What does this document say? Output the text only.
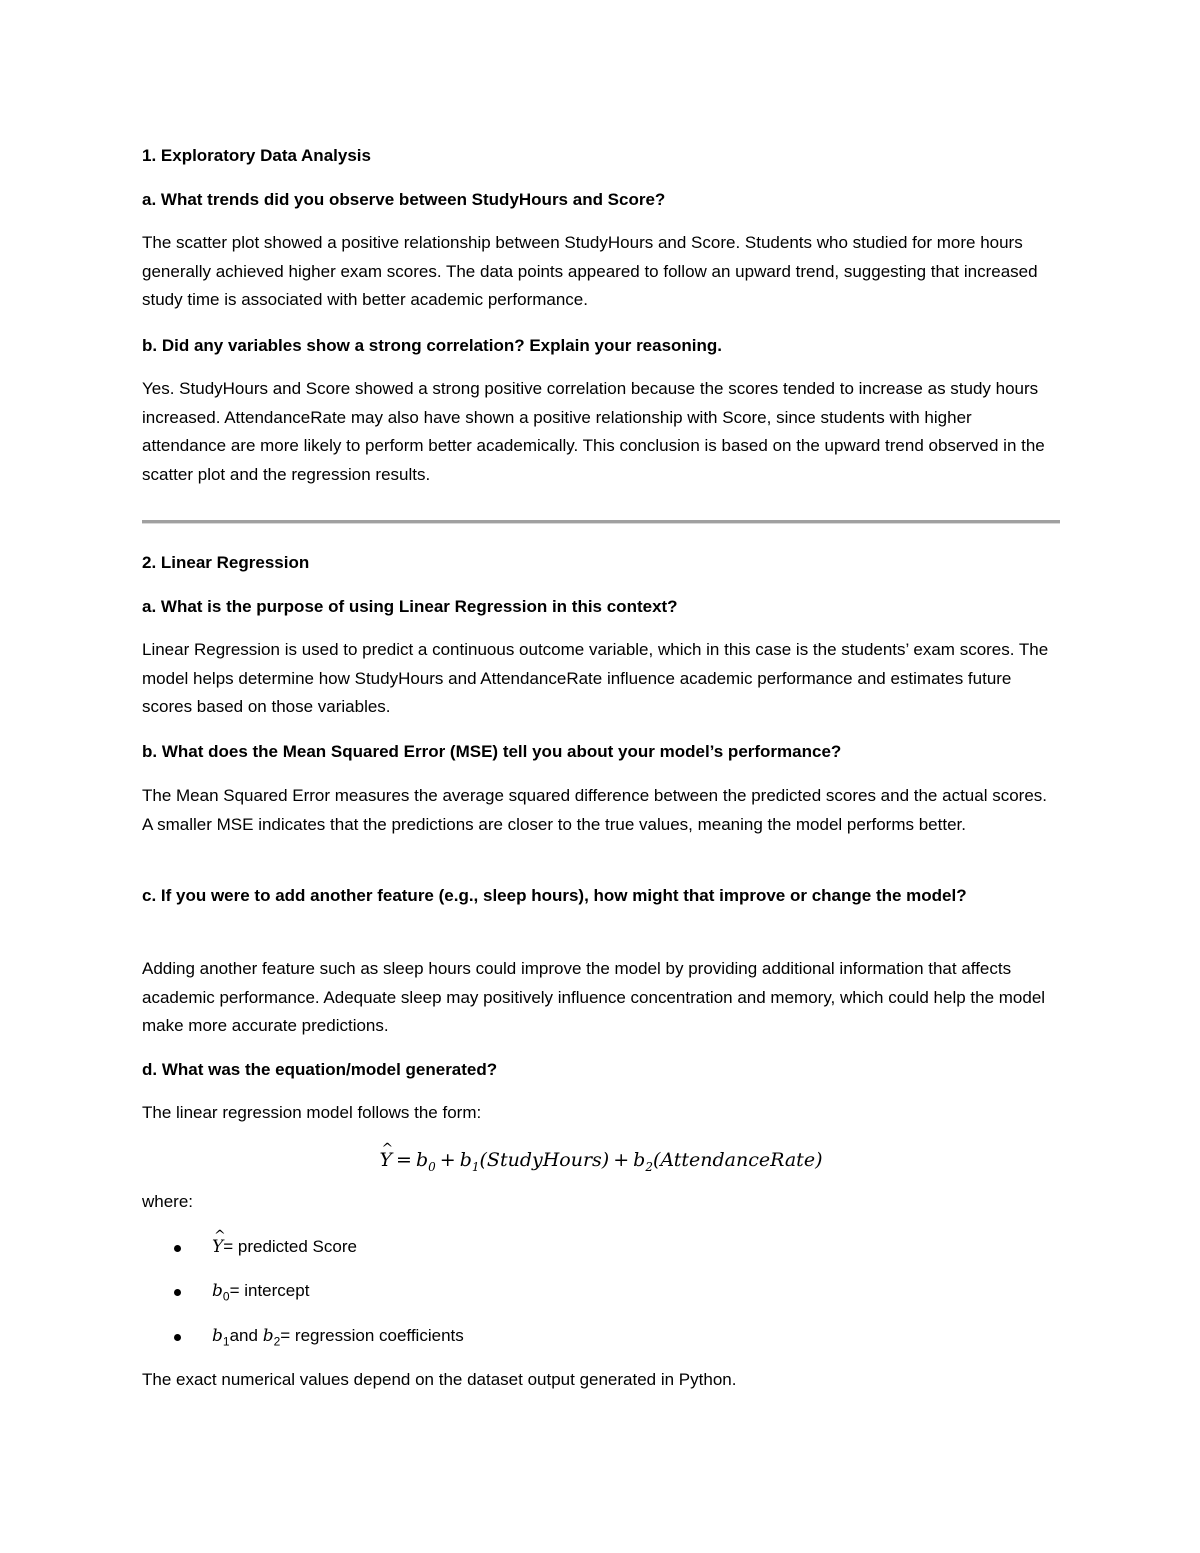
1. Exploratory Data Analysis

a. What trends did you observe between StudyHours and Score?

The scatter plot showed a positive relationship between StudyHours and Score. Students who studied for more hours generally achieved higher exam scores. The data points appeared to follow an upward trend, suggesting that increased study time is associated with better academic performance.

b. Did any variables show a strong correlation? Explain your reasoning.

Yes. StudyHours and Score showed a strong positive correlation because the scores tended to increase as study hours increased. AttendanceRate may also have shown a positive relationship with Score, since students with higher attendance are more likely to perform better academically. This conclusion is based on the upward trend observed in the scatter plot and the regression results.

2. Linear Regression

a. What is the purpose of using Linear Regression in this context?

Linear Regression is used to predict a continuous outcome variable, which in this case is the students’ exam scores. The model helps determine how StudyHours and AttendanceRate influence academic performance and estimates future scores based on those variables.

b. What does the Mean Squared Error (MSE) tell you about your model’s performance?

The Mean Squared Error measures the average squared difference between the predicted scores and the actual scores. A smaller MSE indicates that the predictions are closer to the true values, meaning the model performs better.

c. If you were to add another feature (e.g., sleep hours), how might that improve or change the model?

Adding another feature such as sleep hours could improve the model by providing additional information that affects academic performance. Adequate sleep may positively influence concentration and memory, which could help the model make more accurate predictions.

d. What was the equation/model generated?

The linear regression model follows the form:

^ $Y = b_0$ + $b_1(StudyHours)$ + $b_2(AttendanceRate)$

where:

^ Y= predicted Score
$b_0=$ intercept
$b_1and$ $b_2=$ regression coefficients

The exact numerical values depend on the dataset output generated in Python.
